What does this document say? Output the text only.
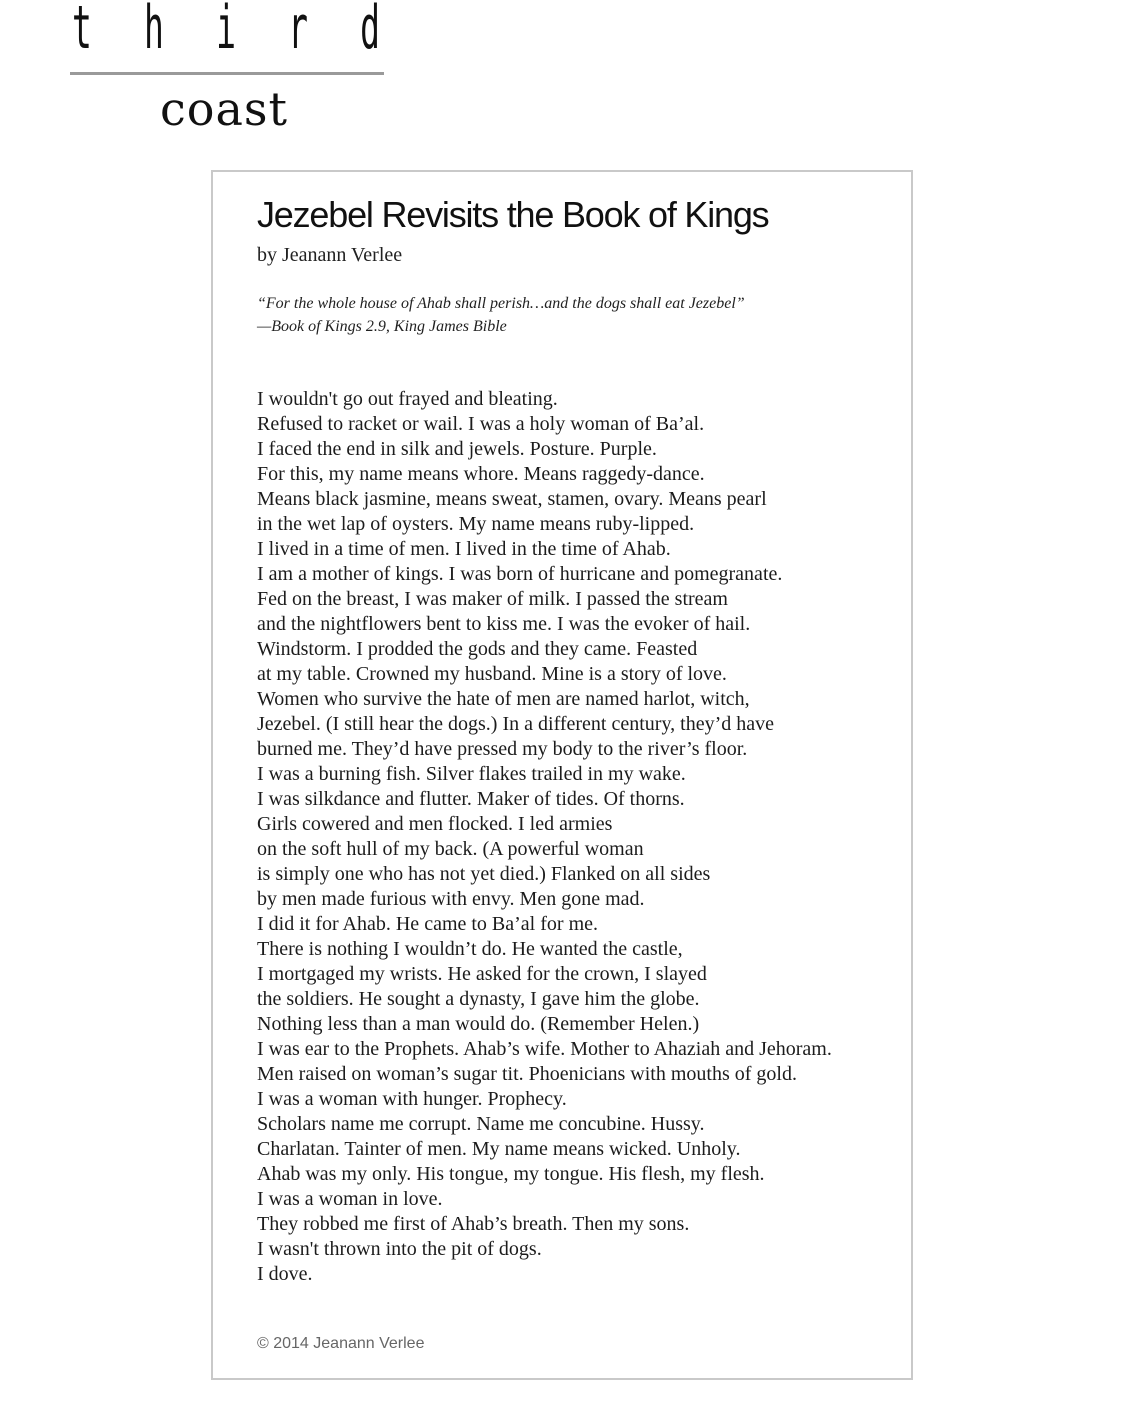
t h i r d
coast
Jezebel Revisits the Book of Kings
by Jeanann Verlee
“For the whole house of Ahab shall perish…and the dogs shall eat Jezebel”
—Book of Kings 2.9, King James Bible
I wouldn't go out frayed and bleating.
Refused to racket or wail. I was a holy woman of Ba’al.
I faced the end in silk and jewels. Posture. Purple.
For this, my name means whore. Means raggedy-dance.
Means black jasmine, means sweat, stamen, ovary. Means pearl
in the wet lap of oysters. My name means ruby-lipped.
I lived in a time of men. I lived in the time of Ahab.
I am a mother of kings. I was born of hurricane and pomegranate.
Fed on the breast, I was maker of milk. I passed the stream
and the nightflowers bent to kiss me. I was the evoker of hail.
Windstorm. I prodded the gods and they came. Feasted
at my table. Crowned my husband. Mine is a story of love.
Women who survive the hate of men are named harlot, witch,
Jezebel. (I still hear the dogs.) In a different century, they’d have
burned me. They’d have pressed my body to the river’s floor.
I was a burning fish. Silver flakes trailed in my wake.
I was silkdance and flutter. Maker of tides. Of thorns.
Girls cowered and men flocked. I led armies
on the soft hull of my back. (A powerful woman
is simply one who has not yet died.) Flanked on all sides
by men made furious with envy. Men gone mad.
I did it for Ahab. He came to Ba’al for me.
There is nothing I wouldn’t do. He wanted the castle,
I mortgaged my wrists. He asked for the crown, I slayed
the soldiers. He sought a dynasty, I gave him the globe.
Nothing less than a man would do. (Remember Helen.)
I was ear to the Prophets. Ahab’s wife. Mother to Ahaziah and Jehoram.
Men raised on woman’s sugar tit. Phoenicians with mouths of gold.
I was a woman with hunger. Prophecy.
Scholars name me corrupt. Name me concubine. Hussy.
Charlatan. Tainter of men. My name means wicked. Unholy.
Ahab was my only. His tongue, my tongue. His flesh, my flesh.
I was a woman in love.
They robbed me first of Ahab’s breath. Then my sons.
I wasn't thrown into the pit of dogs.
I dove.
© 2014 Jeanann Verlee
